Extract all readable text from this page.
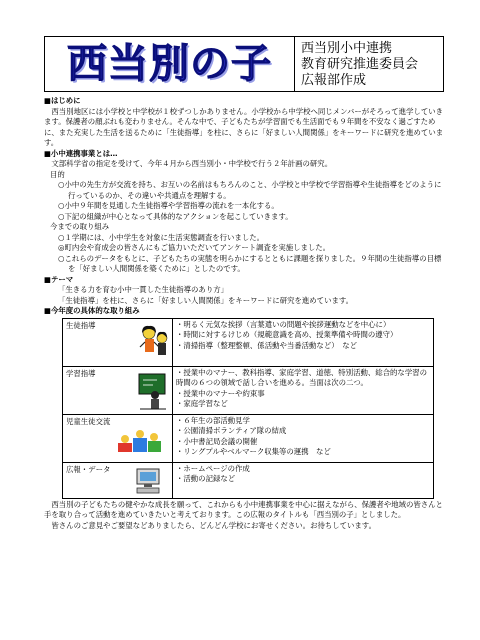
西当別の子 西当別小中連携
教育研究推進委員会
広報部作成
■はじめに
西当別地区には小学校と中学校が１校ずつしかありません。小学校から中学校へ同じメンバーがそろって進学していきます。保護者の顔ぶれも変わりません。そんな中で、子どもたちが学習面でも生活面でも９年間を不安なく過ごすために、また充実した生活を送るために「生徒指導」を柱に、さらに「好ましい人間関係」をキーワードに研究を進めています。
■小中連携事業とは…
文部科学省の指定を受けて、今年４月から西当別小・中学校で行う２年計画の研究。
目的
○小中の先生方が交流を持ち、お互いの名前はもちろんのこと、小学校と中学校で学習指導や生徒指導をどのように行っているのか、その違いや共通点を理解する。
○小中９年間を見通した生徒指導や学習指導の流れを一本化する。
○下記の組織が中心となって具体的なアクションを起こしていきます。
今までの取り組み
○１学期には、小中学生を対象に生活実態調査を行いました。
◎町内会や育成会の皆さんにもご協力いただいてアンケート調査を実施しました。
○これらのデータをもとに、子どもたちの実態を明らかにするとともに課題を探りました。９年間の生徒指導の目標を「好ましい人間関係を築くために」としたのです。
■テーマ
「生きる力を育む小中一貫した生徒指導のあり方」
「生徒指導」を柱に、さらに「好ましい人間関係」をキーワードに研究を進めています。
■今年度の具体的な取り組み
生徒指導	・明るく元気な挨拶（言葉遣いの問題や挨拶運動などを中心に）
・時間に対するけじめ（規範意識を高め、授業準備や時間の遵守）
・清掃指導（整理整頓、係活動や当番活動など）　など

学習指導	・授業中のマナー、教科指導、家庭学習、道徳、特別活動、総合的な学習の時間の６つの領域で話し合いを進める。当面は次の二つ。
・授業中のマナーや約束事
・家庭学習など

児童生徒交流	・６年生の部活動見学
・公園清掃ボランティア隊の結成
・小中書記局会議の開催
・リングプルやベルマーク収集等の運携　など

広報・データ	・ホームページの作成
・活動の記録など
西当別の子どもたちの健やかな成長を願って、これからも小中連携事業を中心に据えながら、保護者や地域の皆さんと手を取り合って活動を進めていきたいと考えております。この広報のタイトルも「西当別の子」としました。
皆さんのご意見やご要望などありましたら、どんどん学校にお寄せください。お待ちしています。
